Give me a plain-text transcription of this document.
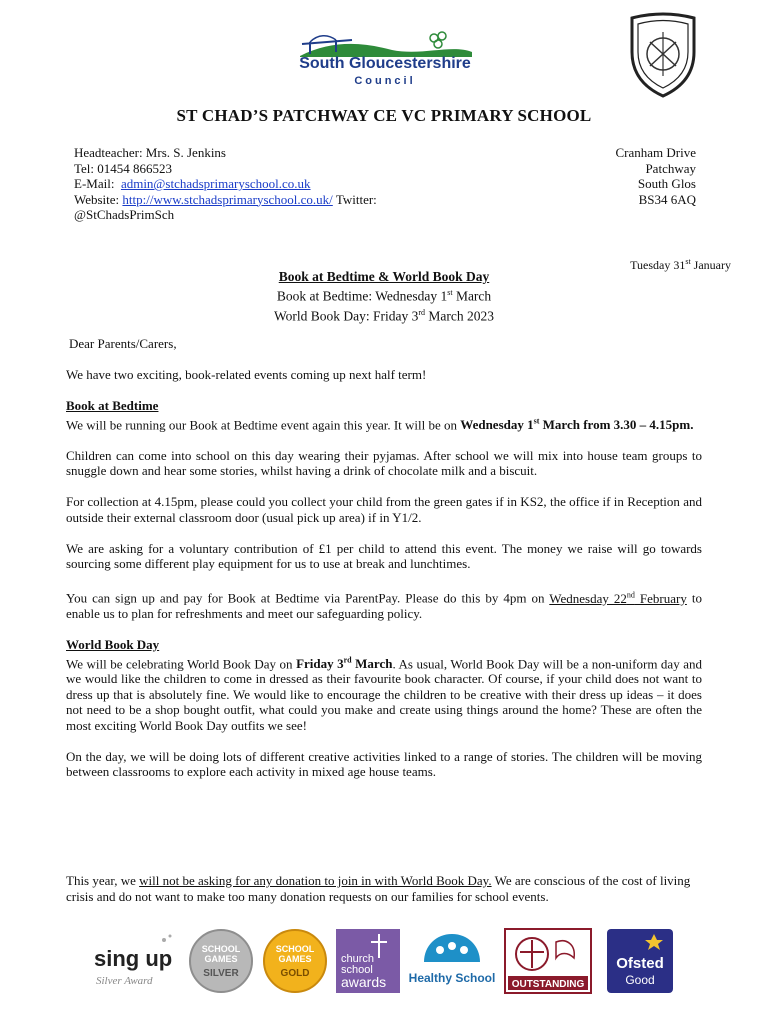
South Gloucestershire
Council
ST CHAD’S PATCHWAY CE VC PRIMARY SCHOOL
Headteacher: Mrs. S. Jenkins
Tel: 01454 866523
E-Mail: admin@stchadsprimaryschool.co.uk
Website: http://www.stchadsprimaryschool.co.uk/ Twitter:
@StChadsPrimSch
Cranham Drive
Patchway
South Glos
BS34 6AQ
Tuesday 31st January
Book at Bedtime & World Book Day
Book at Bedtime: Wednesday 1st March
World Book Day: Friday 3rd March 2023

Dear Parents/Carers,

We have two exciting, book-related events coming up next half term!

Book at Bedtime

We will be running our Book at Bedtime event again this year. It will be on Wednesday 1st March from 3.30 – 4.15pm.

Children can come into school on this day wearing their pyjamas. After school we will mix into house team groups to snuggle down and hear some stories, whilst having a drink of chocolate milk and a biscuit.

For collection at 4.15pm, please could you collect your child from the green gates if in KS2, the office if in Reception and outside their external classroom door (usual pick up area) if in Y1/2.

We are asking for a voluntary contribution of £1 per child to attend this event. The money we raise will go towards sourcing some different play equipment for us to use at break and lunchtimes.

You can sign up and pay for Book at Bedtime via ParentPay. Please do this by 4pm on Wednesday 22nd February to enable us to plan for refreshments and meet our safeguarding policy.

World Book Day

We will be celebrating World Book Day on Friday 3rd March. As usual, World Book Day will be a non-uniform day and we would like the children to come in dressed as their favourite book character. Of course, if your child does not want to dress up that is absolutely fine. We would like to encourage the children to be creative with their dress up ideas – it does not need to be a shop bought outfit, what could you make and create using things around the home? These are often the most exciting World Book Day outfits we see!

On the day, we will be doing lots of different creative activities linked to a range of stories. The children will be moving between classrooms to explore each activity in mixed age house teams.

This year, we will not be asking for any donation to join in with World Book Day. We are conscious of the cost of living crisis and do not want to make too many donation requests on our families for school events.

sing up
Silver Award
SCHOOL
GAMES
SILVER
SCHOOL
GAMES
GOLD
church
school
awards Healthy School OUTSTANDING
Ofsted
Good
